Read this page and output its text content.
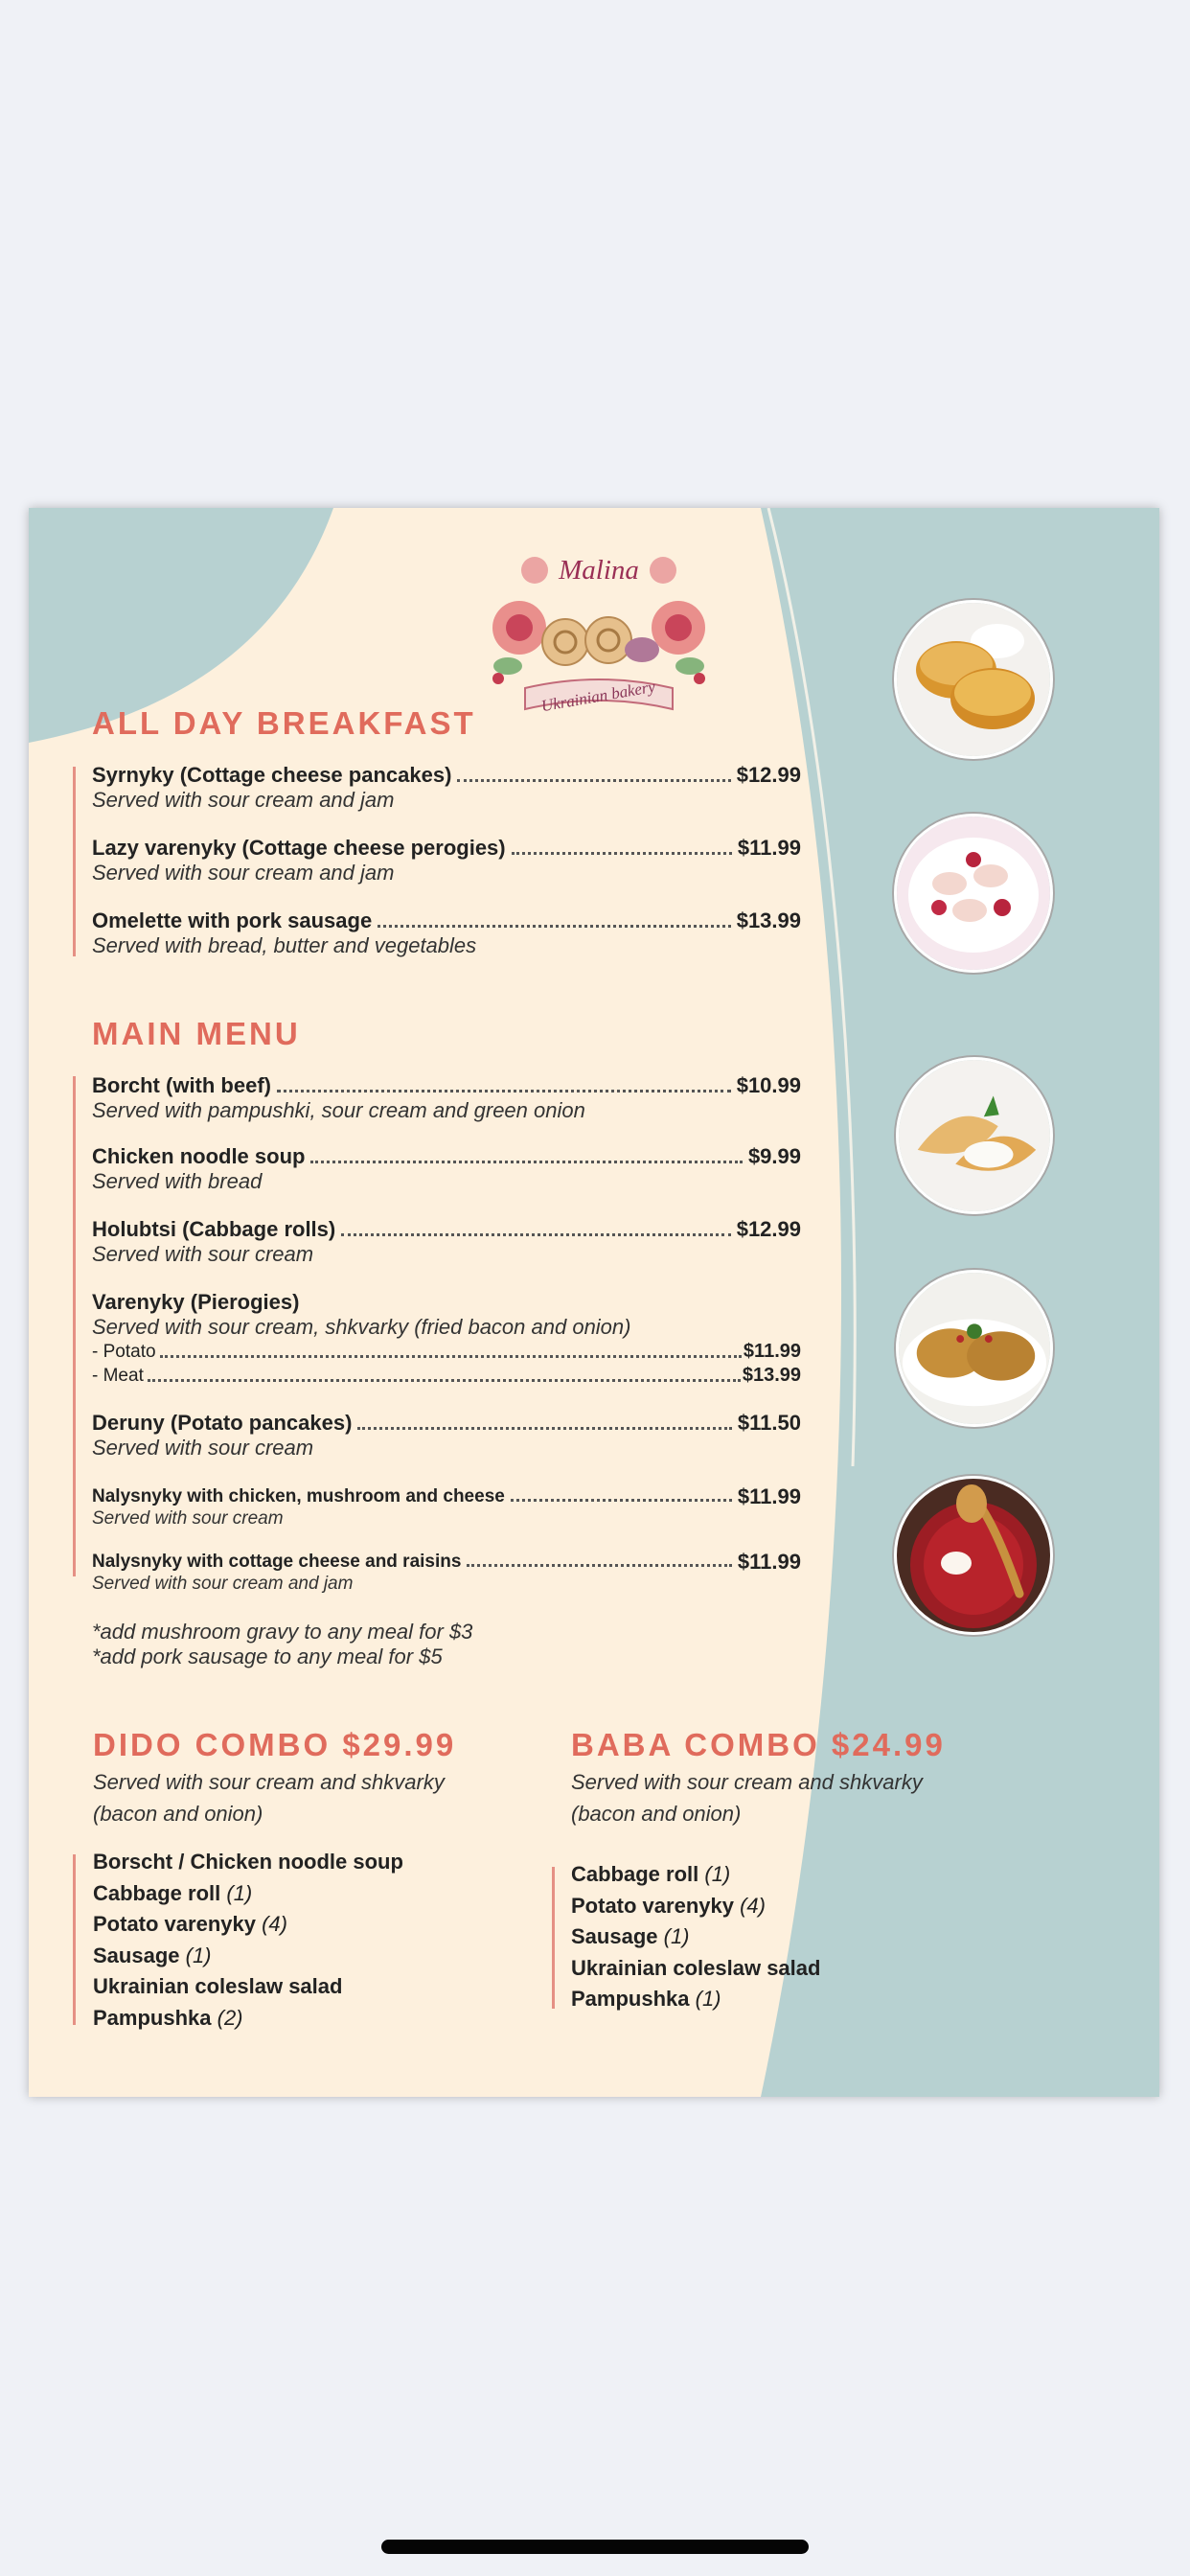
Malina
Ukrainian bakery
ALL DAY BREAKFAST
Syrnyky (Cottage cheese pancakes)	$12.99
Served with sour cream and jam
Lazy varenyky (Cottage cheese perogies)	$11.99
Served with sour cream and jam
Omelette with pork sausage	$13.99
Served with bread, butter and vegetables
MAIN MENU
Borcht (with beef)	$10.99
Served with pampushki, sour cream and green onion
Chicken noodle soup	$9.99
Served with bread
Holubtsi (Cabbage rolls)	$12.99
Served with sour cream
Varenyky (Pierogies)
Served with sour cream, shkvarky (fried bacon and onion)
- Potato	$11.99
- Meat	$13.99
Deruny (Potato pancakes)	$11.50
Served with sour cream
Nalysnyky with chicken, mushroom and cheese	$11.99
Served with sour cream
Nalysnyky with cottage cheese and raisins	$11.99
Served with sour cream and jam
*add mushroom gravy to any meal for $3
*add pork sausage to any meal for $5
DIDO COMBO $29.99
Served with sour cream and shkvarky
(bacon and onion)
Borscht / Chicken noodle soup
Cabbage roll (1)
Potato varenyky (4)
Sausage (1)
Ukrainian coleslaw salad
Pampushka (2)
BABA COMBO $24.99
Served with sour cream and shkvarky
(bacon and onion)
Cabbage roll (1)
Potato varenyky (4)
Sausage (1)
Ukrainian coleslaw salad
Pampushka (1)
